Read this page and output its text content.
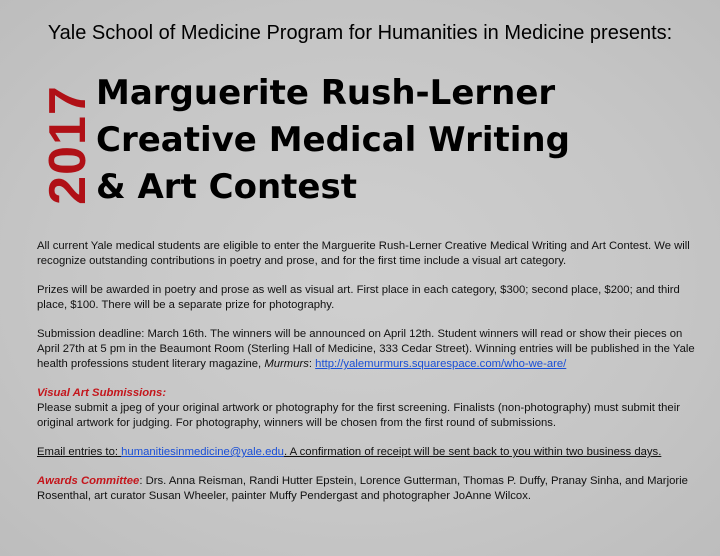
Yale School of Medicine Program for Humanities in Medicine presents:
2017 Marguerite Rush-Lerner
Creative Medical Writing
& Art Contest

All current Yale medical students are eligible to enter the Marguerite Rush-Lerner Creative Medical Writing and Art Contest. We will recognize outstanding contributions in poetry and prose, and for the first time include a visual art category.

Prizes will be awarded in poetry and prose as well as visual art. First place in each category, $300; second place, $200; and third place, $100. There will be a separate prize for photography.

Submission deadline: March 16th. The winners will be announced on April 12th. Student winners will read or show their pieces on April 27th at 5 pm in the Beaumont Room (Sterling Hall of Medicine, 333 Cedar Street). Winning entries will be published in the Yale health professions student literary magazine, Murmurs: http://yalemurmurs.squarespace.com/who-we-are/

Visual Art Submissions:
Please submit a jpeg of your original artwork or photography for the first screening. Finalists (non-photography) must submit their original artwork for judging. For photography, winners will be chosen from the first round of submissions.

Email entries to: humanitiesinmedicine@yale.edu. A confirmation of receipt will be sent back to you within two business days.

Awards Committee: Drs. Anna Reisman, Randi Hutter Epstein, Lorence Gutterman, Thomas P. Duffy, Pranay Sinha, and Marjorie Rosenthal, art curator Susan Wheeler, painter Muffy Pendergast and photographer JoAnne Wilcox.
